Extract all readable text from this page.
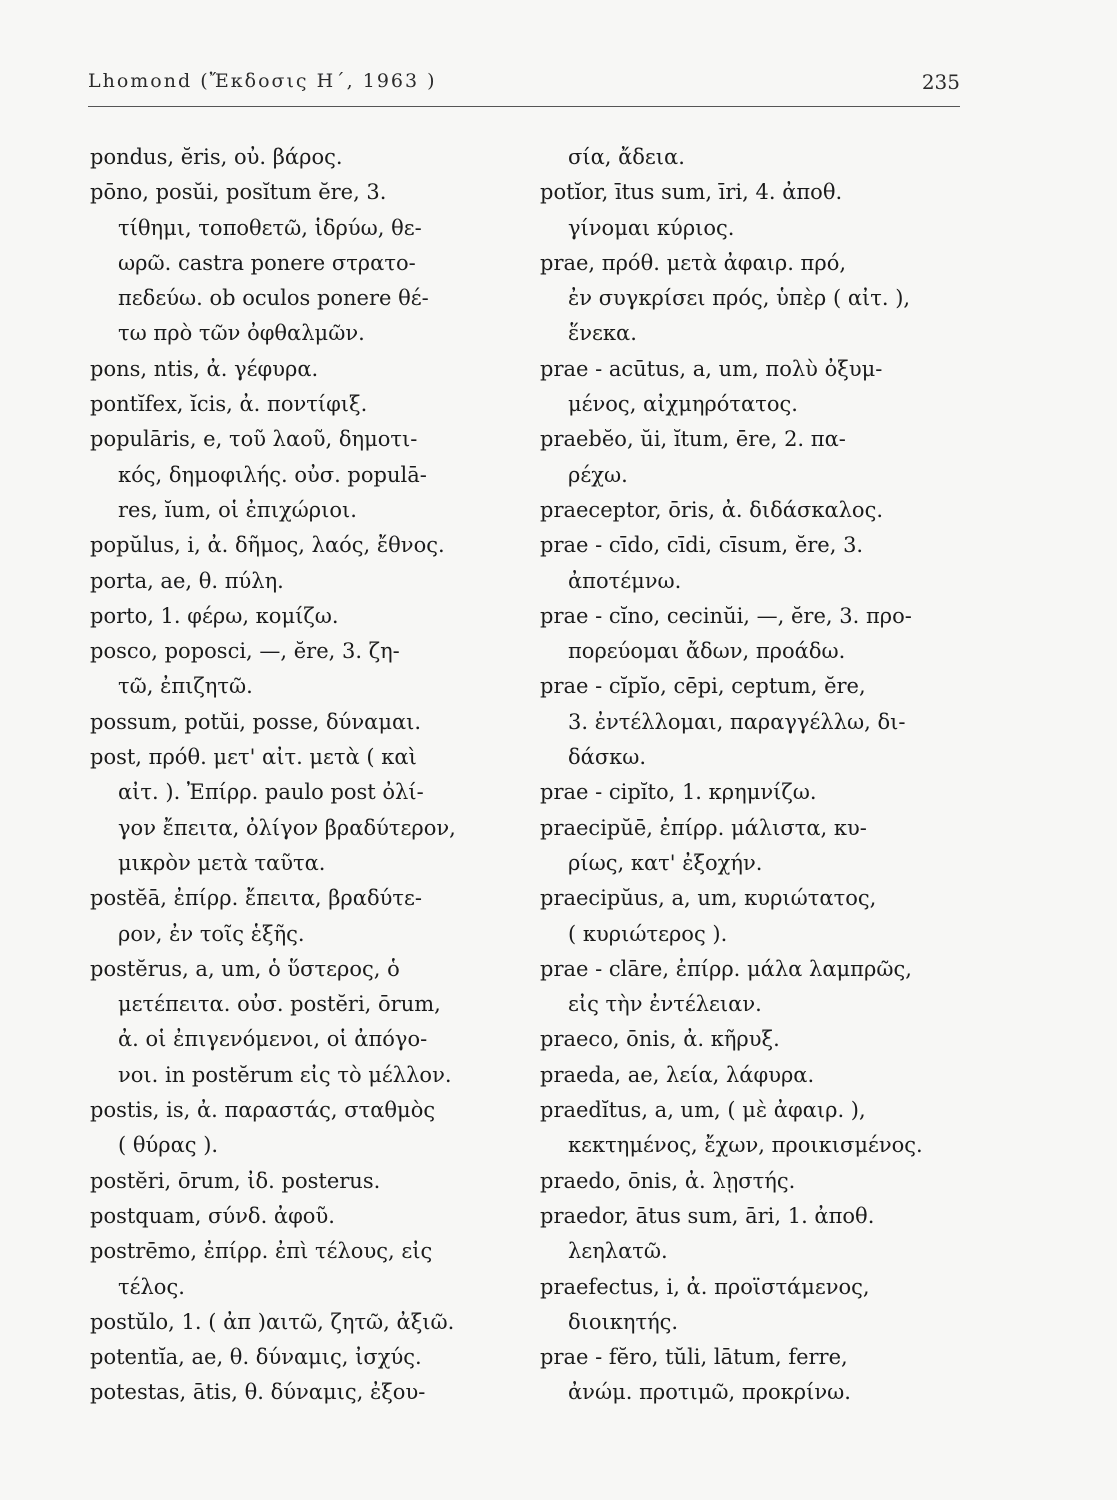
Lhomond (Ἔκδοσις Η΄, 1963 )	235
pondus, ĕris, οὐ. βάρος.
pōno, posŭi, posĭtum ĕre, 3.
τίθημι, τοποθετῶ, ἱδρύω, θε-
ωρῶ. castra ponere στρατο-
πεδεύω. ob oculos ponere θέ-
τω πρὸ τῶν ὀφθαλμῶν.
pons, ntis, ἀ. γέφυρα.
pontĭfex, ĭcis, ἀ. ποντίφιξ.
populāris, e, τοῦ λαοῦ, δημοτι-
κός, δημοφιλής. οὐσ. populā-
res, ĭum, οἱ ἐπιχώριοι.
popŭlus, i, ἀ. δῆμος, λαός, ἔθνος.
porta, ae, θ. πύλη.
porto, 1. φέρω, κομίζω.
posco, poposci, —, ĕre, 3. ζη-
τῶ, ἐπιζητῶ.
possum, potŭi, posse, δύναμαι.
post, πρόθ. μετ' αἰτ. μετὰ ( καὶ
αἰτ. ). Ἐπίρρ. paulo post ὀλί-
γον ἔπειτα, ὀλίγον βραδύτερον,
μικρὸν μετὰ ταῦτα.
postĕā, ἐπίρρ. ἔπειτα, βραδύτε-
ρον, ἐν τοῖς ἑξῆς.
postĕrus, a, um, ὁ ὕστερος, ὁ
μετέπειτα. οὐσ. postĕri, ōrum,
ἀ. οἱ ἐπιγενόμενοι, οἱ ἀπόγο-
νοι. in postĕrum εἰς τὸ μέλλον.
postis, is, ἀ. παραστάς, σταθμὸς
( θύρας ).
postĕri, ōrum, ἰδ. posterus.
postquam, σύνδ. ἀφοῦ.
postrēmo, ἐπίρρ. ἐπὶ τέλους, εἰς
τέλος.
postŭlo, 1. ( ἀπ )αιτῶ, ζητῶ, ἀξιῶ.
potentĭa, ae, θ. δύναμις, ἰσχύς.
potestas, ātis, θ. δύναμις, ἐξου-
σία, ἄδεια.
potĭor, ītus sum, īri, 4. ἀποθ.
γίνομαι κύριος.
prae, πρόθ. μετὰ ἀφαιρ. πρό,
ἐν συγκρίσει πρός, ὑπὲρ ( αἰτ. ),
ἕνεκα.
prae - acūtus, a, um, πολὺ ὀξυμ-
μένος, αἰχμηρότατος.
praebĕo, ŭi, ĭtum, ēre, 2. πα-
ρέχω.
praeceptor, ōris, ἀ. διδάσκαλος.
prae - cīdo, cīdi, cīsum, ĕre, 3.
ἀποτέμνω.
prae - cĭno, cecinŭi, —, ĕre, 3. προ-
πορεύομαι ἄδων, προάδω.
prae - cĭpĭo, cēpi, ceptum, ĕre,
3. ἐντέλλομαι, παραγγέλλω, δι-
δάσκω.
prae - cipĭto, 1. κρημνίζω.
praecipŭē, ἐπίρρ. μάλιστα, κυ-
ρίως, κατ' ἐξοχήν.
praecipŭus, a, um, κυριώτατος,
( κυριώτερος ).
prae - clāre, ἐπίρρ. μάλα λαμπρῶς,
εἰς τὴν ἐντέλειαν.
praeco, ōnis, ἀ. κῆρυξ.
praeda, ae, λεία, λάφυρα.
praedĭtus, a, um, ( μὲ ἀφαιρ. ),
κεκτημένος, ἔχων, προικισμένος.
praedo, ōnis, ἀ. λῃστής.
praedor, ātus sum, āri, 1. ἀποθ.
λεηλατῶ.
praefectus, i, ἀ. προϊστάμενος,
διοικητής.
prae - fĕro, tŭli, lātum, ferre,
ἀνώμ. προτιμῶ, προκρίνω.
